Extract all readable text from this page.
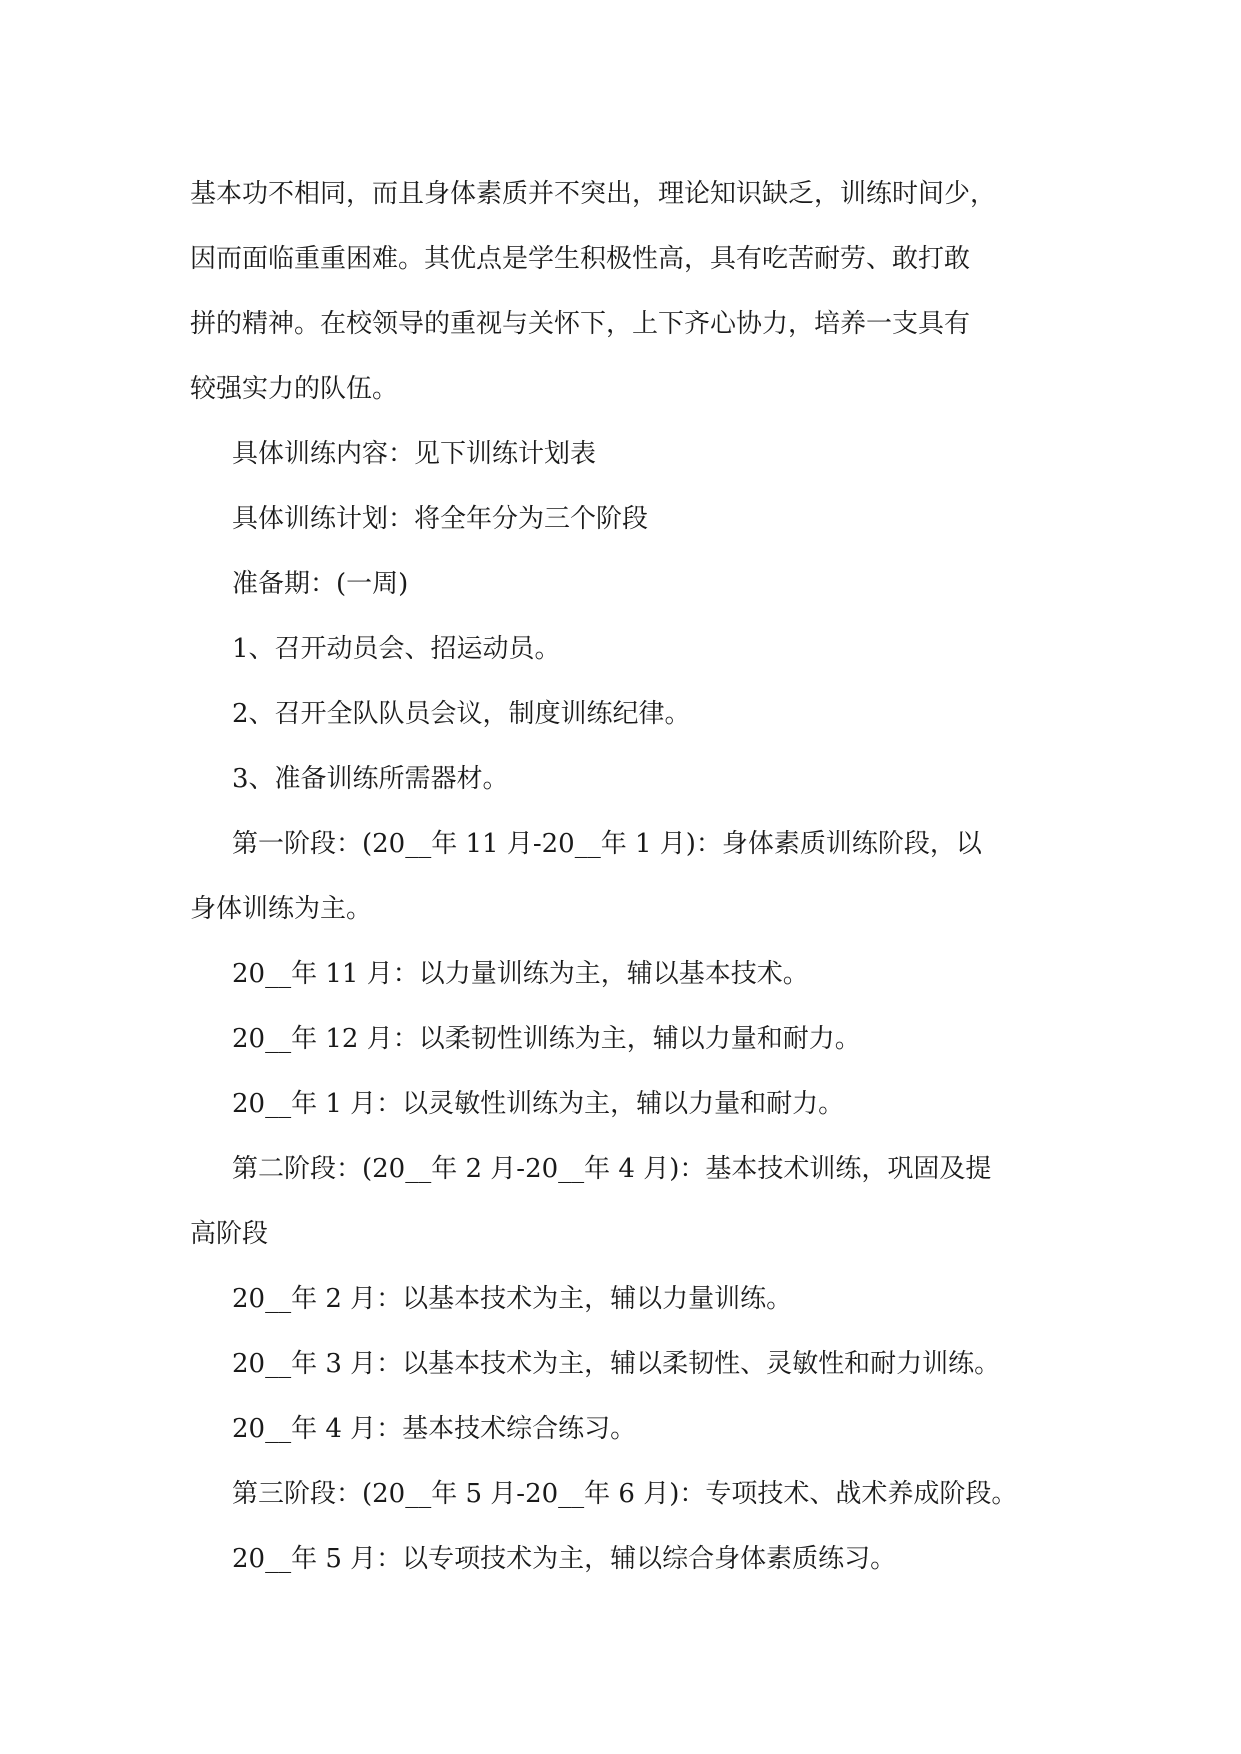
基本功不相同，而且身体素质并不突出，理论知识缺乏，训练时间少，
因而面临重重困难。其优点是学生积极性高，具有吃苦耐劳、敢打敢
拼的精神。在校领导的重视与关怀下，上下齐心协力，培养一支具有
较强实力的队伍。
具体训练内容：见下训练计划表
具体训练计划：将全年分为三个阶段
准备期：(一周)
1、召开动员会、招运动员。
2、召开全队队员会议，制度训练纪律。
3、准备训练所需器材。
第一阶段：(20__年 11 月-20__年 1 月)：身体素质训练阶段，以
身体训练为主。
20__年 11 月：以力量训练为主，辅以基本技术。
20__年 12 月：以柔韧性训练为主，辅以力量和耐力。
20__年 1 月：以灵敏性训练为主，辅以力量和耐力。
第二阶段：(20__年 2 月-20__年 4 月)：基本技术训练，巩固及提
高阶段
20__年 2 月：以基本技术为主，辅以力量训练。
20__年 3 月：以基本技术为主，辅以柔韧性、灵敏性和耐力训练。
20__年 4 月：基本技术综合练习。
第三阶段：(20__年 5 月-20__年 6 月)：专项技术、战术养成阶段。
20__年 5 月：以专项技术为主，辅以综合身体素质练习。
